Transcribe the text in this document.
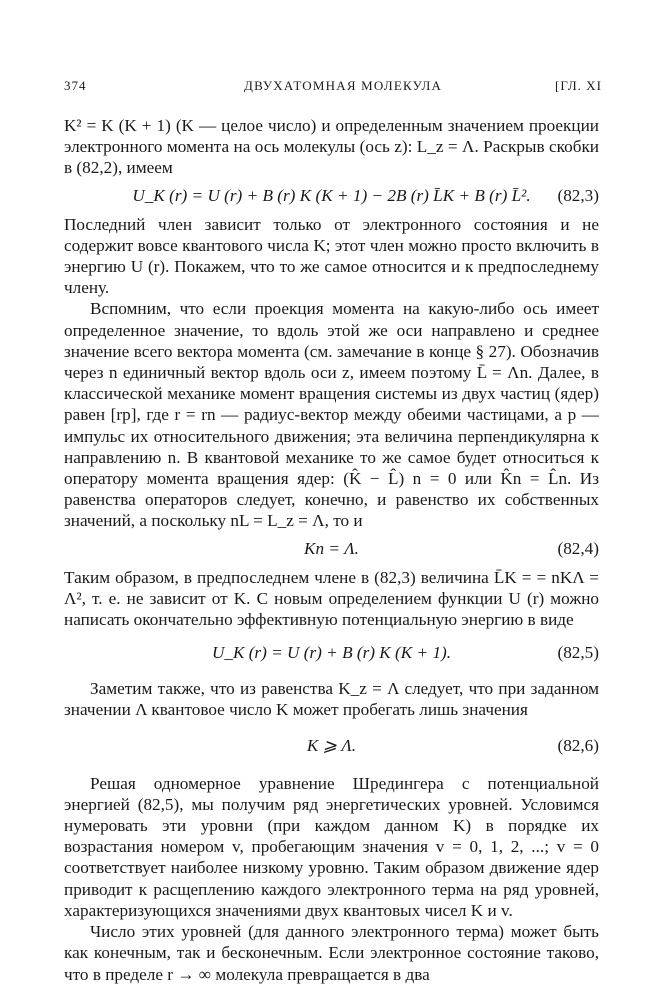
374	ДВУХАТОМНАЯ МОЛЕКУЛА	[ГЛ. XI

K² = K (K + 1) (K — целое число) и определенным значением проекции электронного момента на ось молекулы (ось z): L_z = Λ. Раскрыв скобки в (82,2), имеем

U_K (r) = U (r) + B (r) K (K + 1) − 2B (r) L̄K + B (r) L̄². (82,3)

Последний член зависит только от электронного состояния и не содержит вовсе квантового числа K; этот член можно просто включить в энергию U (r). Покажем, что то же самое относится и к предпоследнему члену.

Вспомним, что если проекция момента на какую-либо ось имеет определенное значение, то вдоль этой же оси направлено и среднее значение всего вектора момента (см. замечание в конце § 27). Обозначив через n единичный вектор вдоль оси z, имеем поэтому L̄ = Λn. Далее, в классической механике момент вращения системы из двух частиц (ядер) равен [rp], где r = rn — радиус-вектор между обеими частицами, а p — импульс их относительного движения; эта величина перпендикулярна к направлению n. В квантовой механике то же самое будет относиться к оператору момента вращения ядер: (K̂ − L̂) n = 0 или K̂n = L̂n. Из равенства операторов следует, конечно, и равенство их собственных значений, а поскольку nL = L_z = Λ, то и

Kn = Λ.	(82,4)

Таким образом, в предпоследнем члене в (82,3) величина L̄K = = nKΛ = Λ², т. е. не зависит от K. С новым определением функции U (r) можно написать окончательно эффективную потенциальную энергию в виде

U_K (r) = U (r) + B (r) K (K + 1).	(82,5)

Заметим также, что из равенства K_z = Λ следует, что при заданном значении Λ квантовое число K может пробегать лишь значения

K ⩾ Λ.	(82,6)

Решая одномерное уравнение Шредингера с потенциальной энергией (82,5), мы получим ряд энергетических уровней. Условимся нумеровать эти уровни (при каждом данном K) в порядке их возрастания номером v, пробегающим значения v = 0, 1, 2, ...; v = 0 соответствует наиболее низкому уровню. Таким образом движение ядер приводит к расщеплению каждого электронного терма на ряд уровней, характеризующихся значениями двух квантовых чисел K и v.

Число этих уровней (для данного электронного терма) может быть как конечным, так и бесконечным. Если электронное состояние таково, что в пределе r → ∞ молекула превращается в два
